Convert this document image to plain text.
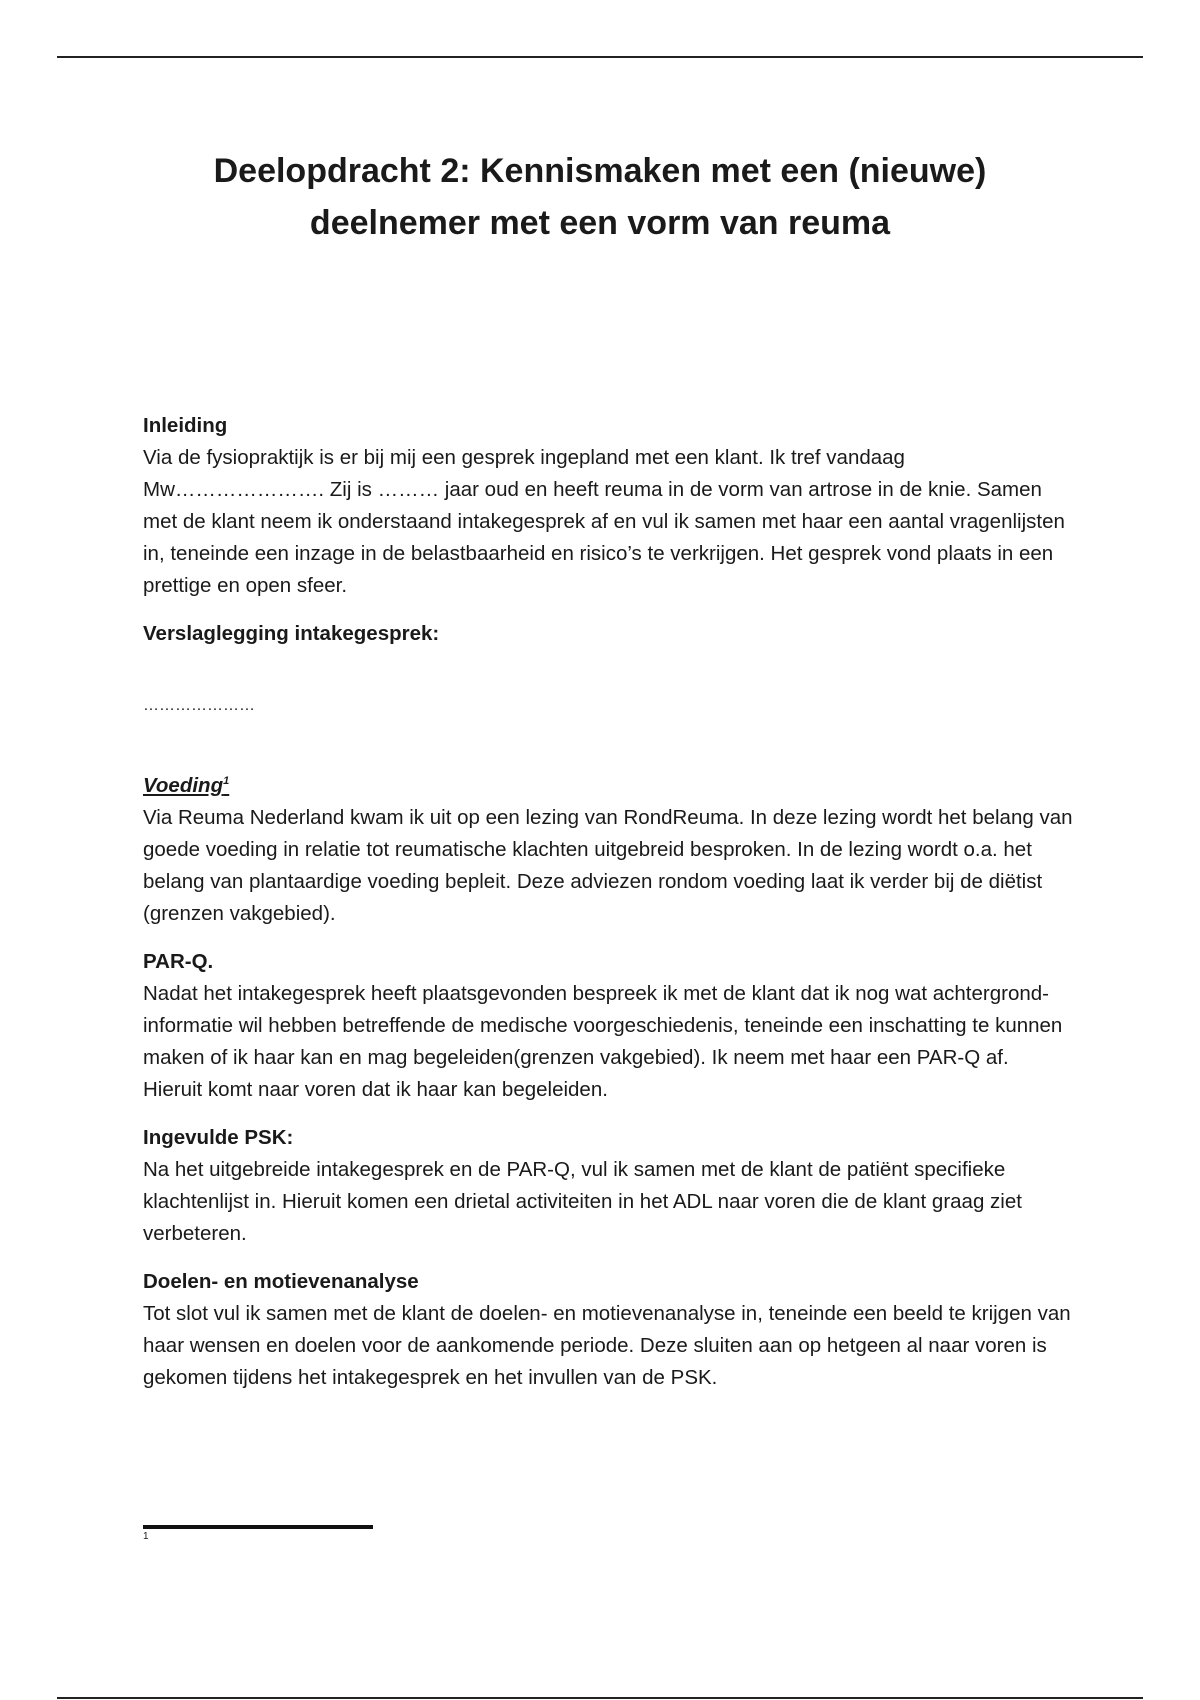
Deelopdracht 2: Kennismaken met een (nieuwe)
deelnemer met een vorm van reuma

Inleiding

Via de fysiopraktijk is er bij mij een gesprek ingepland met een klant. Ik tref vandaag Mw…………………. Zij is ……… jaar oud en heeft reuma in de vorm van artrose in de knie. Samen met de klant neem ik onderstaand intakegesprek af en vul ik samen met haar een aantal vragenlijsten in, teneinde een inzage in de belastbaarheid en risico’s te verkrijgen. Het gesprek vond plaats in een prettige en open sfeer.

Verslaglegging intakegesprek:

…………………

Voeding$^1$

Via Reuma Nederland kwam ik uit op een lezing van RondReuma. In deze lezing wordt het belang van goede voeding in relatie tot reumatische klachten uitgebreid besproken. In de lezing wordt o.a. het belang van plantaardige voeding bepleit. Deze adviezen rondom voeding laat ik verder bij de diëtist (grenzen vakgebied).

PAR-Q.

Nadat het intakegesprek heeft plaatsgevonden bespreek ik met de klant dat ik nog wat achtergrond- informatie wil hebben betreffende de medische voorgeschiedenis, teneinde een inschatting te kunnen maken of ik haar kan en mag begeleiden(grenzen vakgebied). Ik neem met haar een PAR-Q af. Hieruit komt naar voren dat ik haar kan begeleiden.

Ingevulde PSK:

Na het uitgebreide intakegesprek en de PAR-Q, vul ik samen met de klant de patiënt specifieke klachtenlijst in. Hieruit komen een drietal activiteiten in het ADL naar voren die de klant graag ziet verbeteren.

Doelen- en motievenanalyse

Tot slot vul ik samen met de klant de doelen- en motievenanalyse in, teneinde een beeld te krijgen van haar wensen en doelen voor de aankomende periode. Deze sluiten aan op hetgeen al naar voren is gekomen tijdens het intakegesprek en het invullen van de PSK.

1
